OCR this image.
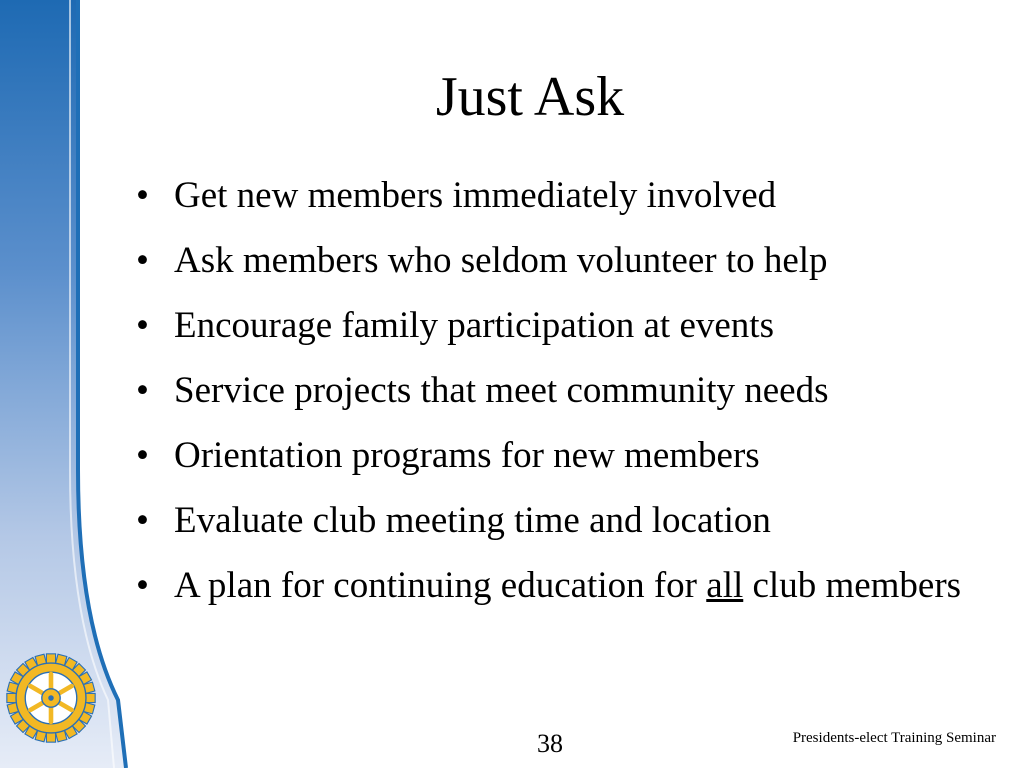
Just Ask
• Get new members immediately involved
• Ask members who seldom volunteer to help
• Encourage family participation at events
• Service projects that meet community needs
• Orientation programs for new members
• Evaluate club meeting time and location
• A plan for continuing education for all club members
38	Presidents-elect Training Seminar
